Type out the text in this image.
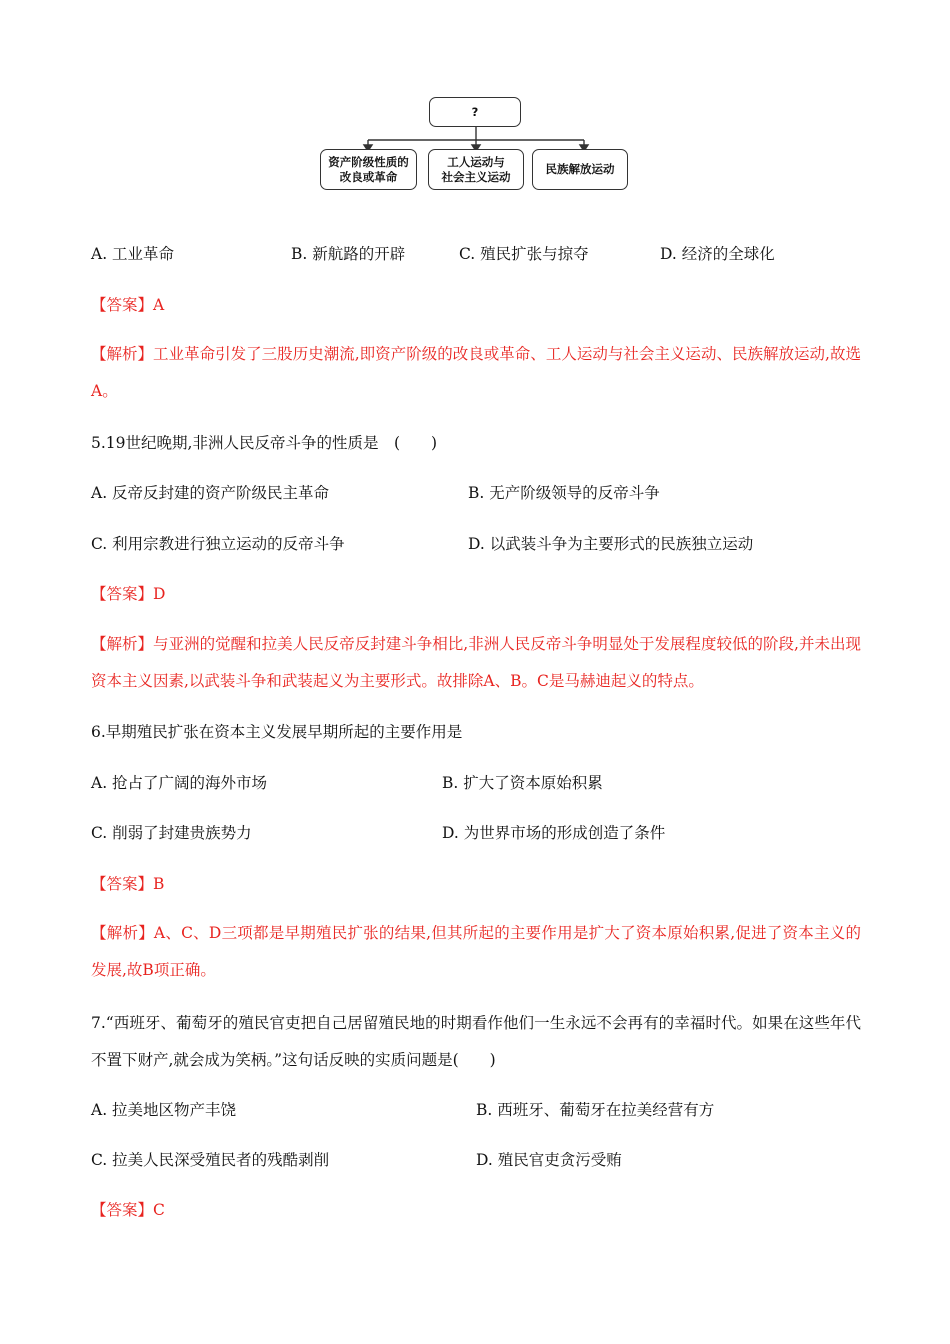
?
资产阶级性质的
改良或革命
工人运动与
社会主义运动
民族解放运动
A. 工业革命	B. 新航路的开辟	C. 殖民扩张与掠夺	D. 经济的全球化
【答案】A
【解析】工业革命引发了三股历史潮流,即资产阶级的改良或革命、工人运动与社会主义运动、民族解放运动,故选A。
5.19世纪晚期,非洲人民反帝斗争的性质是　(　　)
A. 反帝反封建的资产阶级民主革命	B. 无产阶级领导的反帝斗争
C. 利用宗教进行独立运动的反帝斗争	D. 以武装斗争为主要形式的民族独立运动
【答案】D
【解析】与亚洲的觉醒和拉美人民反帝反封建斗争相比,非洲人民反帝斗争明显处于发展程度较低的阶段,并未出现资本主义因素,以武装斗争和武装起义为主要形式。故排除A、B。C是马赫迪起义的特点。
6.早期殖民扩张在资本主义发展早期所起的主要作用是
A. 抢占了广阔的海外市场	B. 扩大了资本原始积累
C. 削弱了封建贵族势力	D. 为世界市场的形成创造了条件
【答案】B
【解析】A、C、D三项都是早期殖民扩张的结果,但其所起的主要作用是扩大了资本原始积累,促进了资本主义的发展,故B项正确。
7.“西班牙、葡萄牙的殖民官吏把自己居留殖民地的时期看作他们一生永远不会再有的幸福时代。如果在这些年代不置下财产,就会成为笑柄。”这句话反映的实质问题是(　　)
A. 拉美地区物产丰饶	B. 西班牙、葡萄牙在拉美经营有方
C. 拉美人民深受殖民者的残酷剥削	D. 殖民官吏贪污受贿
【答案】C
